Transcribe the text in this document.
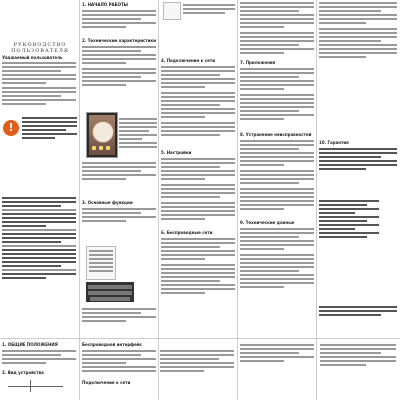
РУКОВОДСТВО ПОЛЬЗОВАТЕЛЯ
Уважаемый пользователь
!
1. НАЧАЛО РАБОТЫ
2. Технические характеристики
3. Основные функции
4. Подключение к сети
5. Настройки
6. Беспроводные сети
7. Приложения
8. Устранение неисправностей
9. Технические данные
10. Гарантия
1. ОБЩИЕ ПОЛОЖЕНИЯ
2. Вид устройства
Беспроводной интерфейс
Подключение к сети
